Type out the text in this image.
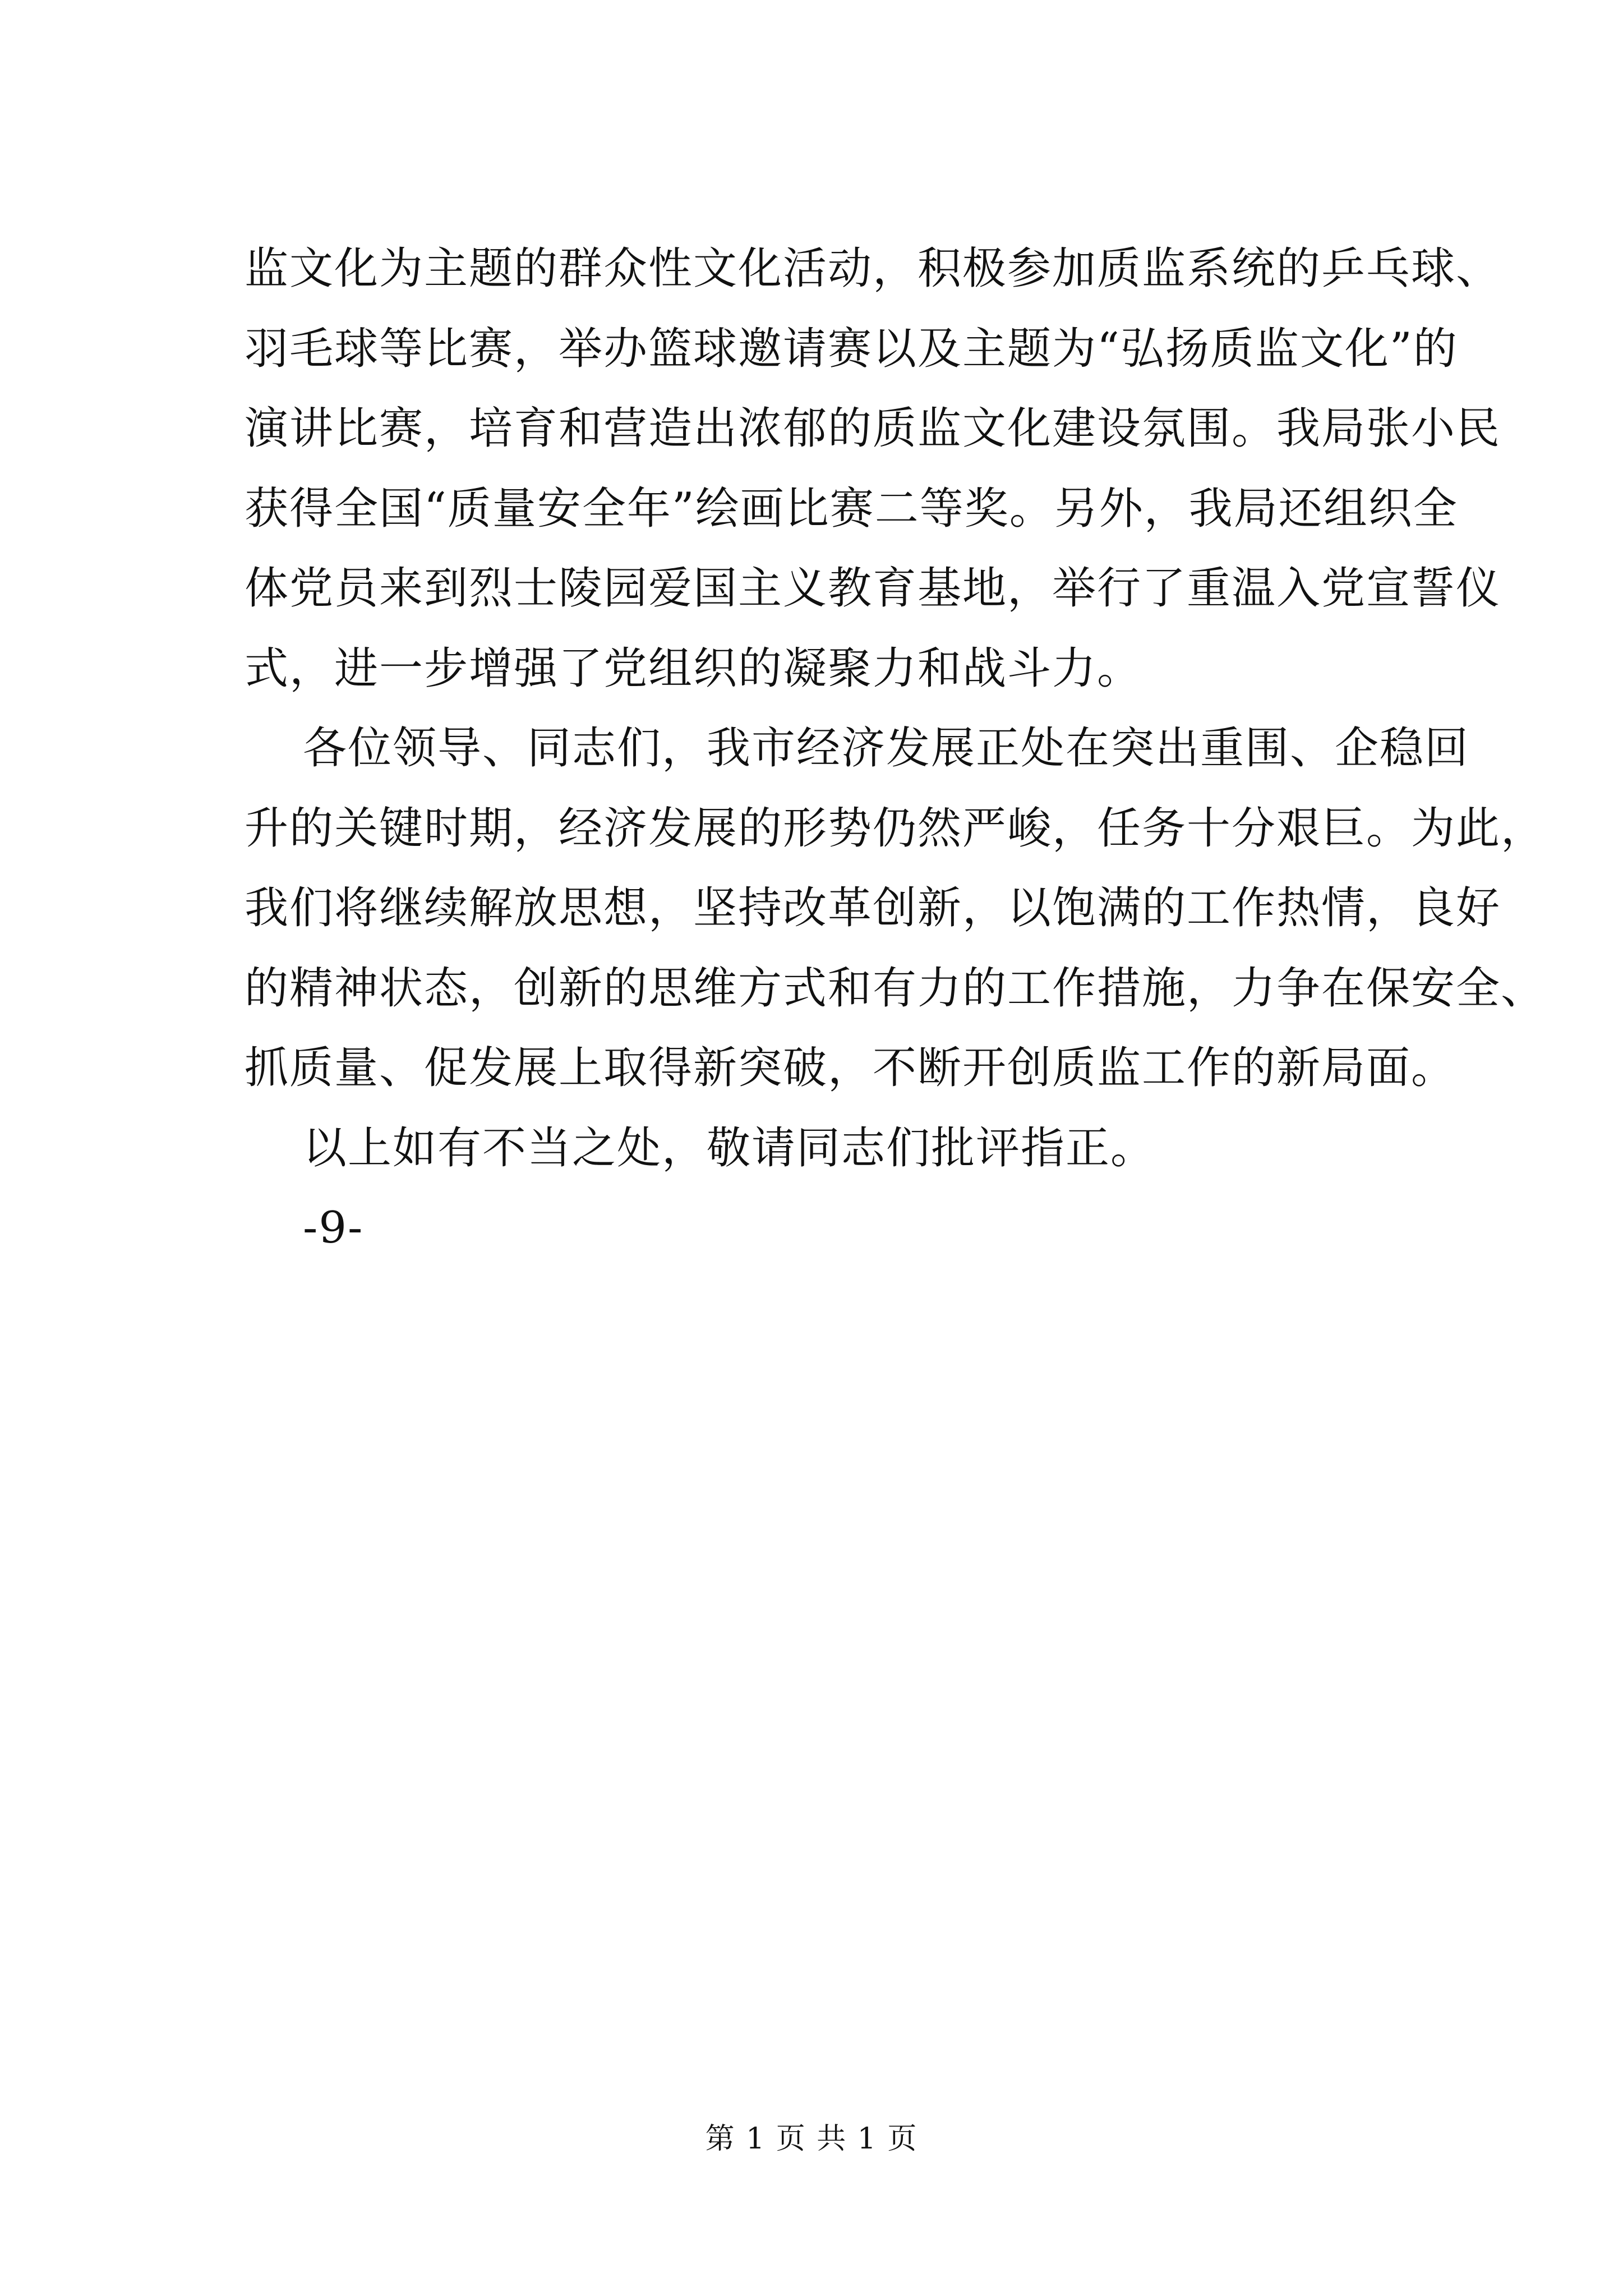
监文化为主题的群众性文化活动，积极参加质监系统的乒乓球、
羽毛球等比赛，举办篮球邀请赛以及主题为“弘扬质监文化”的
演讲比赛，培育和营造出浓郁的质监文化建设氛围。我局张小民
获得全国“质量安全年”绘画比赛二等奖。另外，我局还组织全
体党员来到烈士陵园爱国主义教育基地，举行了重温入党宣誓仪
式，进一步增强了党组织的凝聚力和战斗力。
各位领导、同志们，我市经济发展正处在突出重围、企稳回
升的关键时期，经济发展的形势仍然严峻，任务十分艰巨。为此，
我们将继续解放思想，坚持改革创新，以饱满的工作热情，良好
的精神状态，创新的思维方式和有力的工作措施，力争在保安全、
抓质量、促发展上取得新突破，不断开创质监工作的新局面。
以上如有不当之处，敬请同志们批评指正。
-9-
第 1 页 共 1 页
